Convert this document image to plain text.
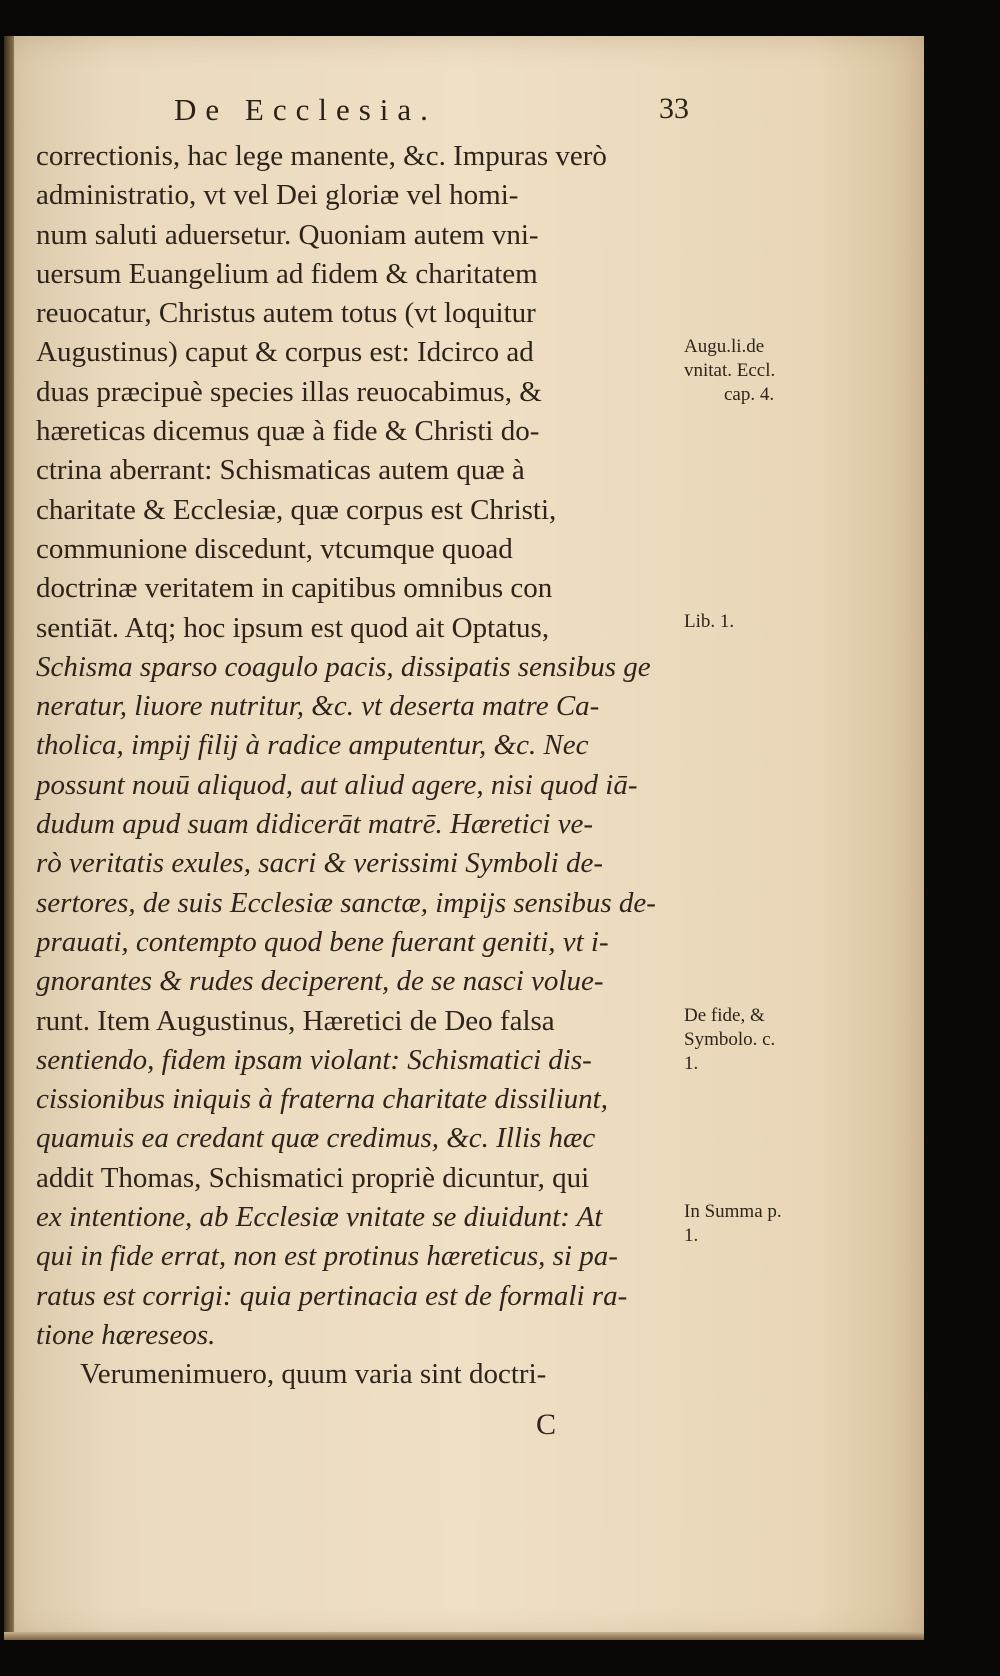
De Ecclesia.	33
correctionis, hac lege manente, &c. Impuras verò
administratio, vt vel Dei gloriæ vel homi-
num saluti aduersetur. Quoniam autem vni-
uersum Euangelium ad fidem & charitatem
reuocatur, Christus autem totus (vt loquitur
Augustinus) caput & corpus est: Idcirco ad
duas præcipuè species illas reuocabimus, &
hæreticas dicemus quæ à fide & Christi do-
ctrina aberrant: Schismaticas autem quæ à
charitate & Ecclesiæ, quæ corpus est Christi,
communione discedunt, vtcumque quoad
doctrinæ veritatem in capitibus omnibus con
sentiāt. Atq; hoc ipsum est quod ait Optatus,
Schisma sparso coagulo pacis, dissipatis sensibus ge
neratur, liuore nutritur, &c. vt deserta matre Ca-
tholica, impij filij à radice amputentur, &c. Nec
possunt nouū aliquod, aut aliud agere, nisi quod iā-
dudum apud suam didicerāt matrē. Hæretici ve-
rò veritatis exules, sacri & verissimi Symboli de-
sertores, de suis Ecclesiæ sanctæ, impijs sensibus de-
prauati, contempto quod bene fuerant geniti, vt i-
gnorantes & rudes deciperent, de se nasci volue-
runt. Item Augustinus, Hæretici de Deo falsa
sentiendo, fidem ipsam violant: Schismatici dis-
cissionibus iniquis à fraterna charitate dissiliunt,
quamuis ea credant quæ credimus, &c. Illis hæc
addit Thomas, Schismatici propriè dicuntur, qui
ex intentione, ab Ecclesiæ vnitate se diuidunt: At
qui in fide errat, non est protinus hæreticus, si pa-
ratus est corrigi: quia pertinacia est de formali ra-
tione hæreseos.
Verumenimuero, quum varia sint doctri-
Augu.li.de
vnitat. Eccl.
cap. 4.
Lib. 1.
De fide, &
Symbolo. c.
1.
In Summa p.
1.
C
